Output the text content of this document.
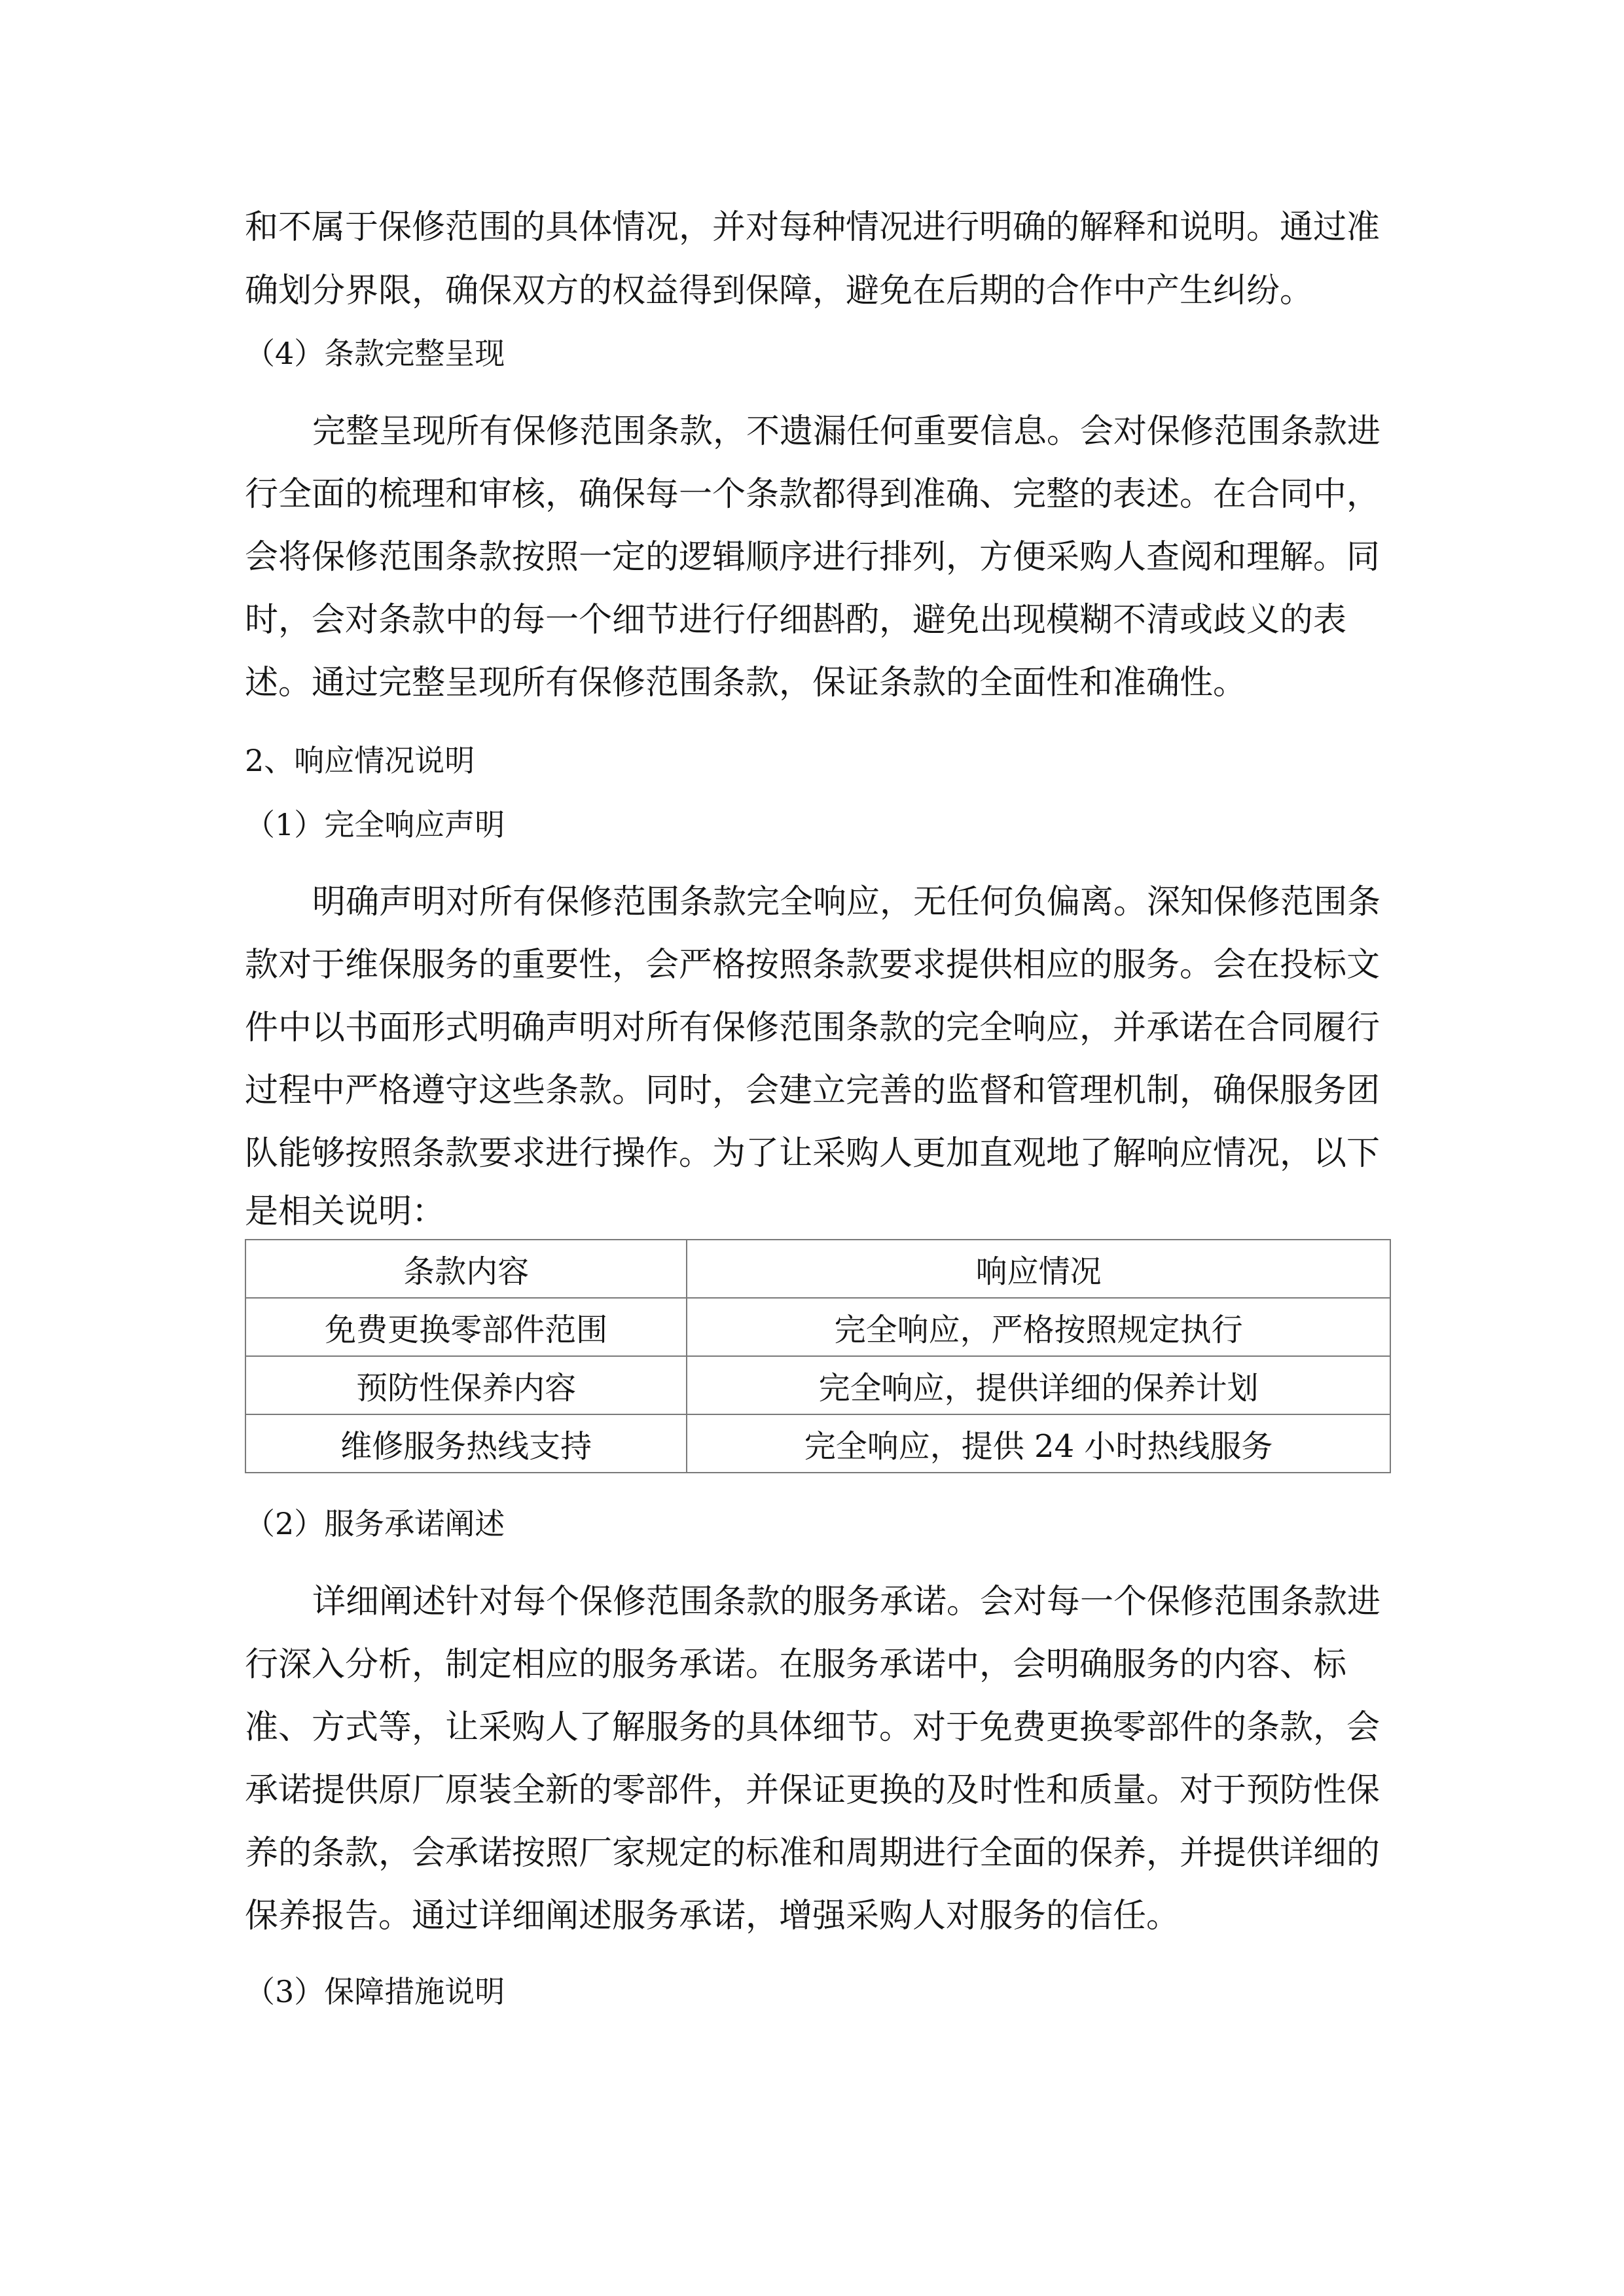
和不属于保修范围的具体情况，并对每种情况进行明确的解释和说明。通过准
确划分界限，确保双方的权益得到保障，避免在后期的合作中产生纠纷。
（4）条款完整呈现
完整呈现所有保修范围条款，不遗漏任何重要信息。会对保修范围条款进
行全面的梳理和审核，确保每一个条款都得到准确、完整的表述。在合同中，
会将保修范围条款按照一定的逻辑顺序进行排列，方便采购人查阅和理解。同
时，会对条款中的每一个细节进行仔细斟酌，避免出现模糊不清或歧义的表
述。通过完整呈现所有保修范围条款，保证条款的全面性和准确性。
2、响应情况说明
（1）完全响应声明
明确声明对所有保修范围条款完全响应，无任何负偏离。深知保修范围条
款对于维保服务的重要性，会严格按照条款要求提供相应的服务。会在投标文
件中以书面形式明确声明对所有保修范围条款的完全响应，并承诺在合同履行
过程中严格遵守这些条款。同时，会建立完善的监督和管理机制，确保服务团
队能够按照条款要求进行操作。为了让采购人更加直观地了解响应情况，以下
是相关说明：
条款内容	响应情况
免费更换零部件范围	完全响应，严格按照规定执行
预防性保养内容	完全响应，提供详细的保养计划
维修服务热线支持	完全响应，提供 24 小时热线服务
（2）服务承诺阐述
详细阐述针对每个保修范围条款的服务承诺。会对每一个保修范围条款进
行深入分析，制定相应的服务承诺。在服务承诺中，会明确服务的内容、标
准、方式等，让采购人了解服务的具体细节。对于免费更换零部件的条款，会
承诺提供原厂原装全新的零部件，并保证更换的及时性和质量。对于预防性保
养的条款，会承诺按照厂家规定的标准和周期进行全面的保养，并提供详细的
保养报告。通过详细阐述服务承诺，增强采购人对服务的信任。
（3）保障措施说明
